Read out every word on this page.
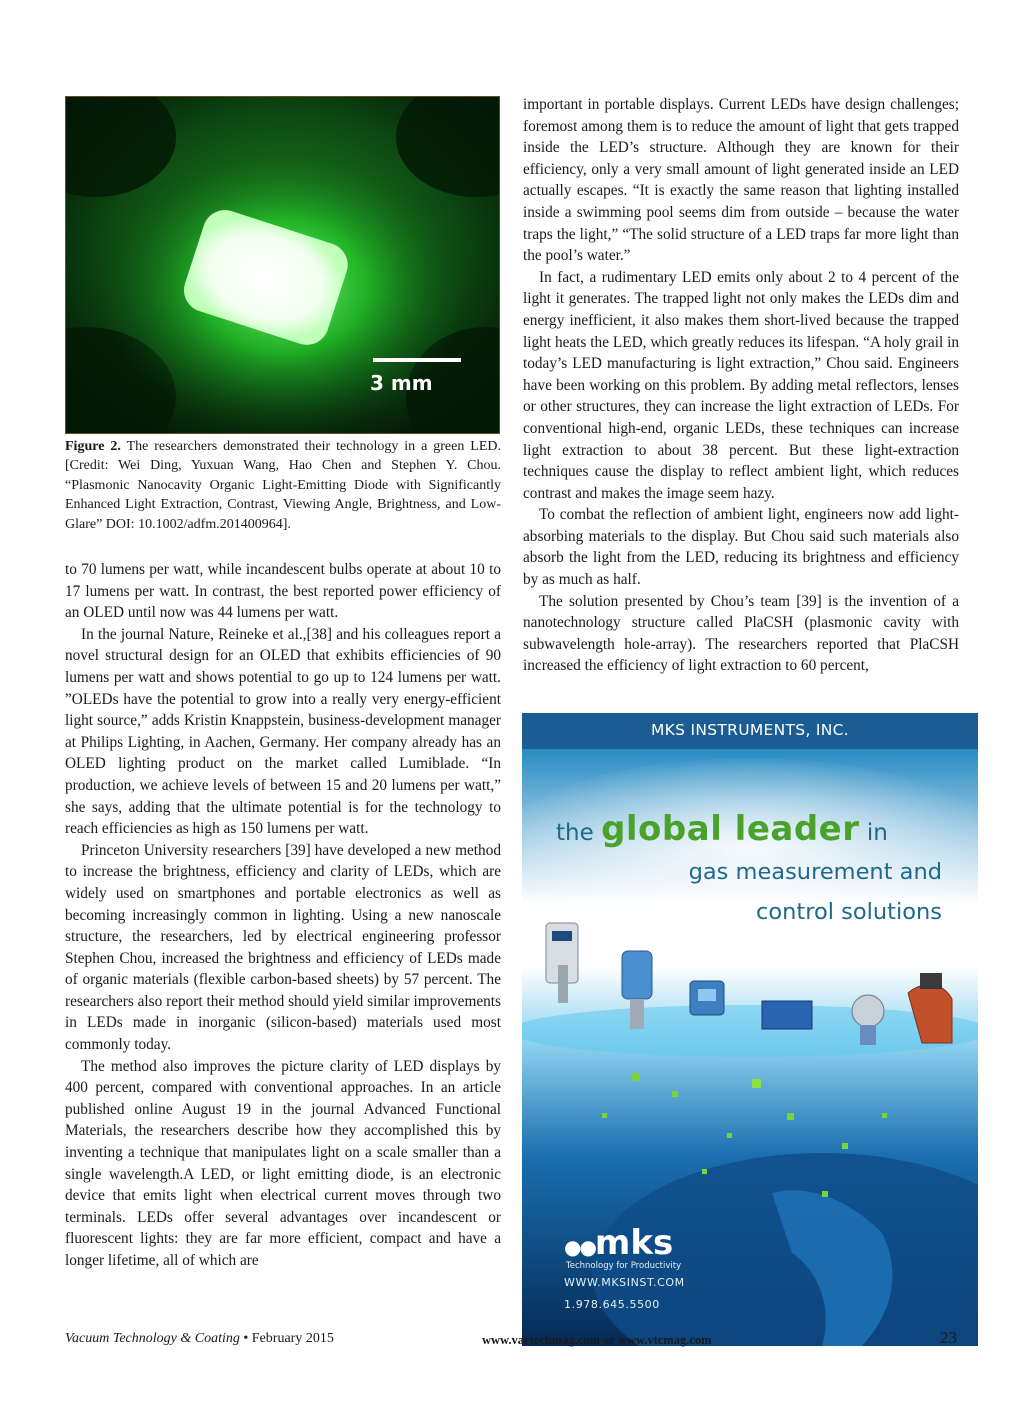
3 mm
Figure 2. The researchers demonstrated their technology in a green LED. [Credit: Wei Ding, Yuxuan Wang, Hao Chen and Stephen Y. Chou. “Plasmonic Nanocavity Organic Light-Emitting Diode with Significantly Enhanced Light Extraction, Contrast, Viewing Angle, Brightness, and Low-Glare” DOI: 10.1002/adfm.201400964].

to 70 lumens per watt, while incandescent bulbs operate at about 10 to 17 lumens per watt. In contrast, the best reported power efficiency of an OLED until now was 44 lumens per watt.

In the journal Nature, Reineke et al.,[38] and his colleagues report a novel structural design for an OLED that exhibits efficiencies of 90 lumens per watt and shows potential to go up to 124 lumens per watt. ”OLEDs have the potential to grow into a really very energy-efficient light source,” adds Kristin Knappstein, business-development manager at Philips Lighting, in Aachen, Germany. Her company already has an OLED lighting product on the market called Lumiblade. “In production, we achieve levels of between 15 and 20 lumens per watt,” she says, adding that the ultimate potential is for the technology to reach efficiencies as high as 150 lumens per watt.

Princeton University researchers [39] have developed a new method to increase the brightness, efficiency and clarity of LEDs, which are widely used on smartphones and portable electronics as well as becoming increasingly common in lighting. Using a new nanoscale structure, the researchers, led by electrical engineering professor Stephen Chou, increased the brightness and efficiency of LEDs made of organic materials (flexible carbon-based sheets) by 57 percent. The researchers also report their method should yield similar improvements in LEDs made in inorganic (silicon-based) materials used most commonly today.

The method also improves the picture clarity of LED displays by 400 percent, compared with conventional approaches. In an article published online August 19 in the journal Advanced Functional Materials, the researchers describe how they accomplished this by inventing a technique that manipulates light on a scale smaller than a single wavelength.A LED, or light emitting diode, is an electronic device that emits light when electrical current moves through two terminals. LEDs offer several advantages over incandescent or fluorescent lights: they are far more efficient, compact and have a longer lifetime, all of which are

important in portable displays. Current LEDs have design challenges; foremost among them is to reduce the amount of light that gets trapped inside the LED’s structure. Although they are known for their efficiency, only a very small amount of light generated inside an LED actually escapes. “It is exactly the same reason that lighting installed inside a swimming pool seems dim from outside – because the water traps the light,” “The solid structure of a LED traps far more light than the pool’s water.”

In fact, a rudimentary LED emits only about 2 to 4 percent of the light it generates. The trapped light not only makes the LEDs dim and energy inefficient, it also makes them short-lived because the trapped light heats the LED, which greatly reduces its lifespan. “A holy grail in today’s LED manufacturing is light extraction,” Chou said. Engineers have been working on this problem. By adding metal reflectors, lenses or other structures, they can increase the light extraction of LEDs. For conventional high-end, organic LEDs, these techniques can increase light extraction to about 38 percent. But these light-extraction techniques cause the display to reflect ambient light, which reduces contrast and makes the image seem hazy.

To combat the reflection of ambient light, engineers now add light-absorbing materials to the display. But Chou said such materials also absorb the light from the LED, reducing its brightness and efficiency by as much as half.

The solution presented by Chou’s team [39] is the invention of a nanotechnology structure called PlaCSH (plasmonic cavity with subwavelength hole-array). The researchers reported that PlaCSH increased the efficiency of light extraction to 60 percent,

MKS INSTRUMENTS, INC.
the global leader in
gas measurement and
control solutions
●●mks
Technology for Productivity
WWW.MKSINST.COM
1.978.645.5500
Vacuum Technology & Coating • February 2015	www.vactechmag.com or www.vtcmag.com	23
